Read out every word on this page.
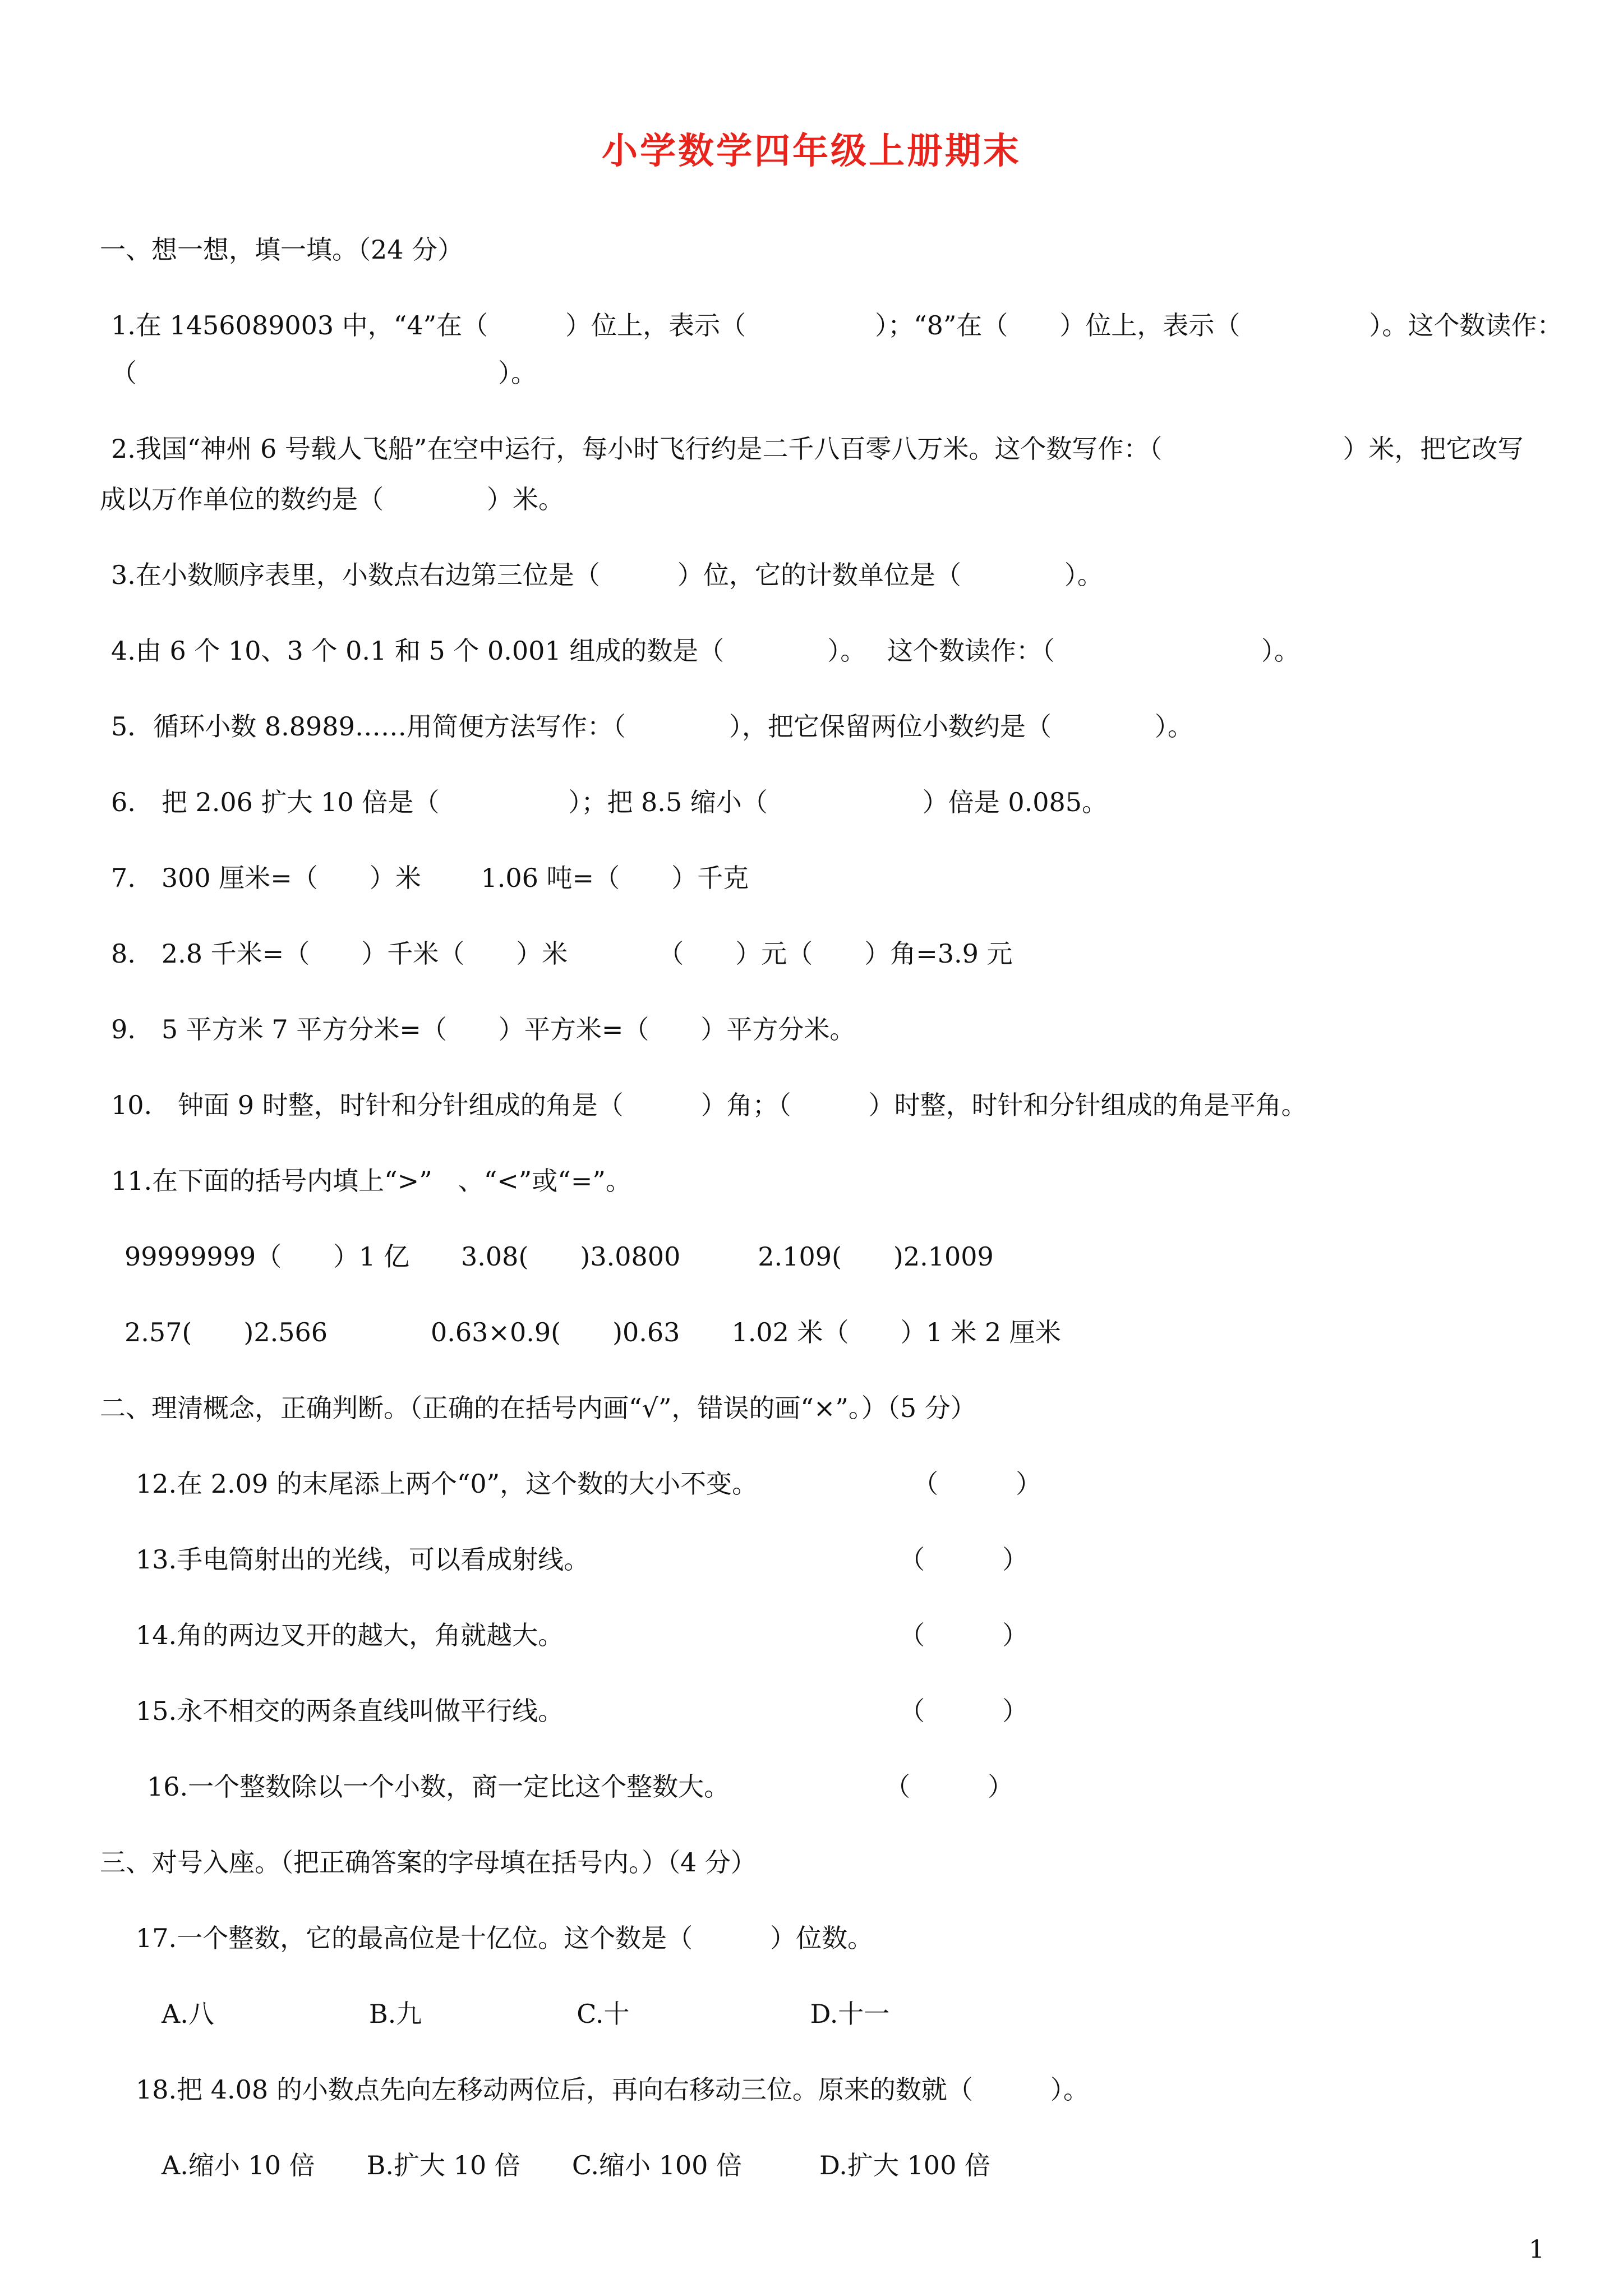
小学数学四年级上册期末
一、想一想，填一填。（24 分）
1.在 1456089003 中，“4”在（　　　）位上，表示（　　　　　）；“8”在（　　）位上，表示（　　　　　）。这个数读作：
（　　　　　　　　　　　　　　）。
2.我国“神州 6 号载人飞船”在空中运行，每小时飞行约是二千八百零八万米。这个数写作：（　　　　　　　）米，把它改写
成以万作单位的数约是（　　　　）米。
3.在小数顺序表里，小数点右边第三位是（　　　）位，它的计数单位是（　　　　）。
4.由 6 个 10、3 个 0.1 和 5 个 0.001 组成的数是（　　　　）。　 这个数读作：（　　　　　　　　）。
5．循环小数 8.8989……用简便方法写作：（　　　　），把它保留两位小数约是（　　　　）。
6.　把 2.06 扩大 10 倍是（　　　　　）；把 8.5 缩小（　　　　　　）倍是 0.085。
7.　300 厘米=（　　）米　　 1.06 吨=（　　）千克
8.　2.8 千米=（　　）千米（　　）米　　　　（　　）元（　　）角=3.9 元
9.　5 平方米 7 平方分米=（　　）平方米=（　　）平方分米。
10.　钟面 9 时整，时针和分针组成的角是（　　　）角；（　　　）时整，时针和分针组成的角是平角。
11.在下面的括号内填上“>”　、“<”或“=”。
99999999（　　）1 亿　　3.08(　　)3.0800　　　2.109(　　)2.1009
2.57(　　)2.566　　　　0.63×0.9(　　)0.63　　1.02 米（　　）1 米 2 厘米
二、理清概念，正确判断。（正确的在括号内画“√”，错误的画“×”。）（5 分）
12.在 2.09 的末尾添上两个“0”，这个数的大小不变。　　　　　　　（　　　）
13.手电筒射出的光线，可以看成射线。　　　　　　　　　　　　　（　　　）
14.角的两边叉开的越大，角就越大。　　　　　　　　　　　　　　（　　　）
15.永不相交的两条直线叫做平行线。　　　　　　　　　　　　　　（　　　）
16.一个整数除以一个小数，商一定比这个整数大。　　　　　　　（　　　）
三、对号入座。（把正确答案的字母填在括号内。）（4 分）
17.一个整数，它的最高位是十亿位。这个数是（　　　）位数。
A.八　　　　　　B.九　　　　　　C.十　　　　　　　D.十一
18.把 4.08 的小数点先向左移动两位后，再向右移动三位。原来的数就（　　　）。
A.缩小 10 倍　　B.扩大 10 倍　　C.缩小 100 倍　　　D.扩大 100 倍
1
